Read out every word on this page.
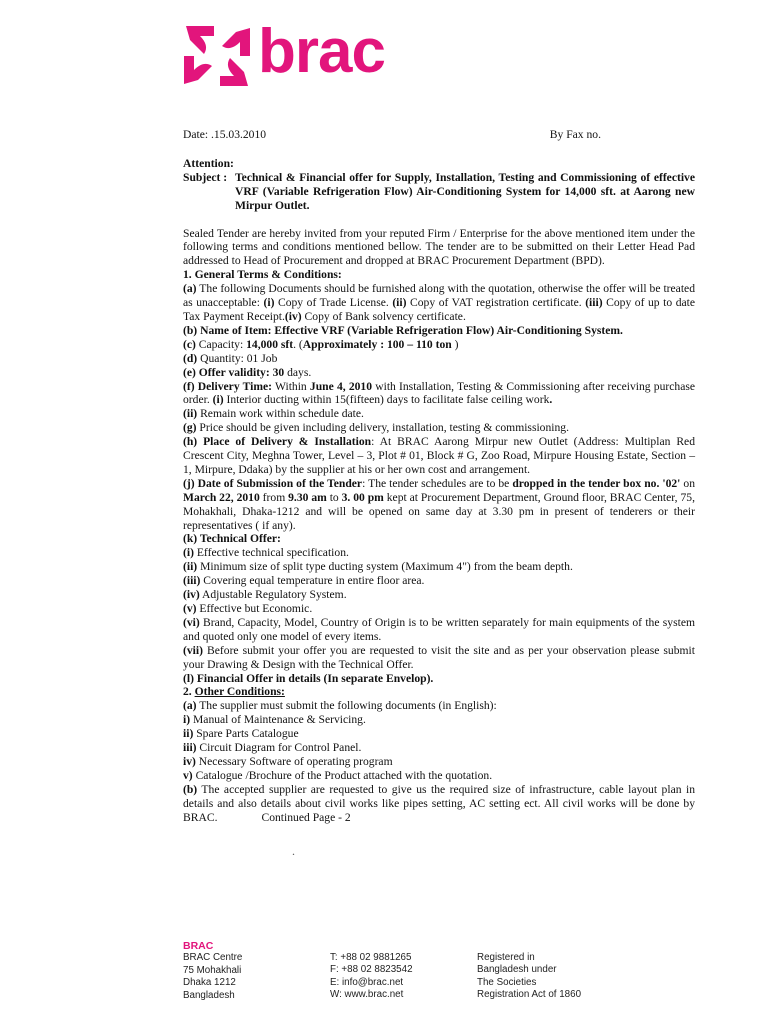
brac
Date: .15.03.2010	By Fax no.
Attention:
Subject : Technical & Financial offer for Supply, Installation, Testing and Commissioning of effective VRF (Variable Refrigeration Flow) Air-Conditioning System for 14,000 sft. at Aarong new Mirpur Outlet.
Sealed Tender are hereby invited from your reputed Firm / Enterprise for the above mentioned item under the following terms and conditions mentioned bellow. The tender are to be submitted on their Letter Head Pad addressed to Head of Procurement and dropped at BRAC Procurement Department (BPD).
1. General Terms & Conditions:
(a) The following Documents should be furnished along with the quotation, otherwise the offer will be treated as unacceptable: (i) Copy of Trade License. (ii) Copy of VAT registration certificate. (iii) Copy of up to date Tax Payment Receipt.(iv) Copy of Bank solvency certificate.
(b) Name of Item: Effective VRF (Variable Refrigeration Flow) Air-Conditioning System.
(c) Capacity: 14,000 sft. (Approximately : 100 – 110 ton )
(d) Quantity: 01 Job
(e) Offer validity: 30 days.
(f) Delivery Time: Within June 4, 2010 with Installation, Testing & Commissioning after receiving purchase order. (i) Interior ducting within 15(fifteen) days to facilitate false ceiling work.
(ii) Remain work within schedule date.
(g) Price should be given including delivery, installation, testing & commissioning.
(h) Place of Delivery & Installation: At BRAC Aarong Mirpur new Outlet (Address: Multiplan Red Crescent City, Meghna Tower, Level – 3, Plot # 01, Block # G, Zoo Road, Mirpure Housing Estate, Section – 1, Mirpure, Ddaka) by the supplier at his or her own cost and arrangement.
(j) Date of Submission of the Tender: The tender schedules are to be dropped in the tender box no. '02' on March 22, 2010 from 9.30 am to 3. 00 pm kept at Procurement Department, Ground floor, BRAC Center, 75, Mohakhali, Dhaka-1212 and will be opened on same day at 3.30 pm in present of tenderers or their representatives ( if any).
(k) Technical Offer:
(i) Effective technical specification.
(ii) Minimum size of split type ducting system (Maximum 4") from the beam depth.
(iii) Covering equal temperature in entire floor area.
(iv) Adjustable Regulatory System.
(v) Effective but Economic.
(vi) Brand, Capacity, Model, Country of Origin is to be written separately for main equipments of the system and quoted only one model of every items.
(vii) Before submit your offer you are requested to visit the site and as per your observation please submit your Drawing & Design with the Technical Offer.
(l) Financial Offer in details (In separate Envelop).
2. Other Conditions:
(a) The supplier must submit the following documents (in English):
i) Manual of Maintenance & Servicing.
ii) Spare Parts Catalogue
iii) Circuit Diagram for Control Panel.
iv) Necessary Software of operating program
v) Catalogue /Brochure of the Product attached with the quotation.
(b) The accepted supplier are requested to give us the required size of infrastructure, cable layout plan in details and also details about civil works like pipes setting, AC setting ect. All civil works will be done by BRAC.	Continued Page - 2
.
BRAC
BRAC Centre
75 Mohakhali
Dhaka 1212
Bangladesh
T: +88 02 9881265
F: +88 02 8823542
E: info@brac.net
W: www.brac.net
Registered in
Bangladesh under
The Societies
Registration Act of 1860
